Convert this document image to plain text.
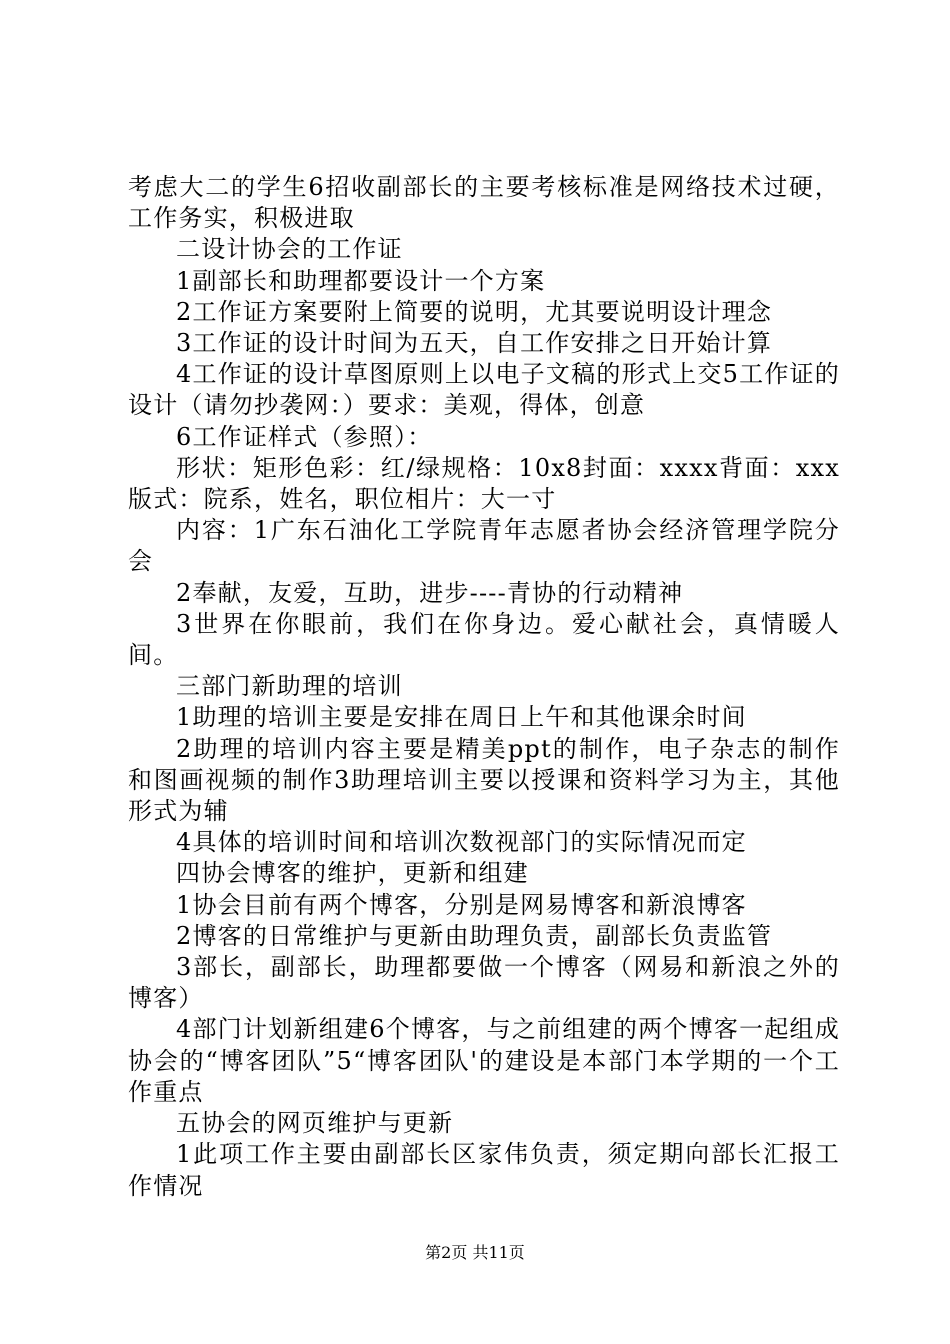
考虑大二的学生6招收副部长的主要考核标准是网络技术过硬，工作务实，积极进取

二设计协会的工作证

1副部长和助理都要设计一个方案

2工作证方案要附上简要的说明，尤其要说明设计理念

3工作证的设计时间为五天，自工作安排之日开始计算

4工作证的设计草图原则上以电子文稿的形式上交5工作证的设计（请勿抄袭网：）要求：美观，得体，创意

6工作证样式（参照）：

形状：矩形色彩：红/绿规格：10x8封面：xxxx背面：xxx版式：院系，姓名，职位相片：大一寸

内容：1广东石油化工学院青年志愿者协会经济管理学院分会

2奉献，友爱，互助，进步----青协的行动精神

3世界在你眼前，我们在你身边。爱心献社会，真情暖人间。

三部门新助理的培训

1助理的培训主要是安排在周日上午和其他课余时间

2助理的培训内容主要是精美ppt的制作，电子杂志的制作和图画视频的制作3助理培训主要以授课和资料学习为主，其他形式为辅

4具体的培训时间和培训次数视部门的实际情况而定

四协会博客的维护，更新和组建

1协会目前有两个博客，分别是网易博客和新浪博客

2博客的日常维护与更新由助理负责，副部长负责监管

3部长，副部长，助理都要做一个博客（网易和新浪之外的博客）

4部门计划新组建6个博客，与之前组建的两个博客一起组成协会的“博客团队”5“博客团队'的建设是本部门本学期的一个工作重点

五协会的网页维护与更新

1此项工作主要由副部长区家伟负责，须定期向部长汇报工作情况

第2页 共11页
